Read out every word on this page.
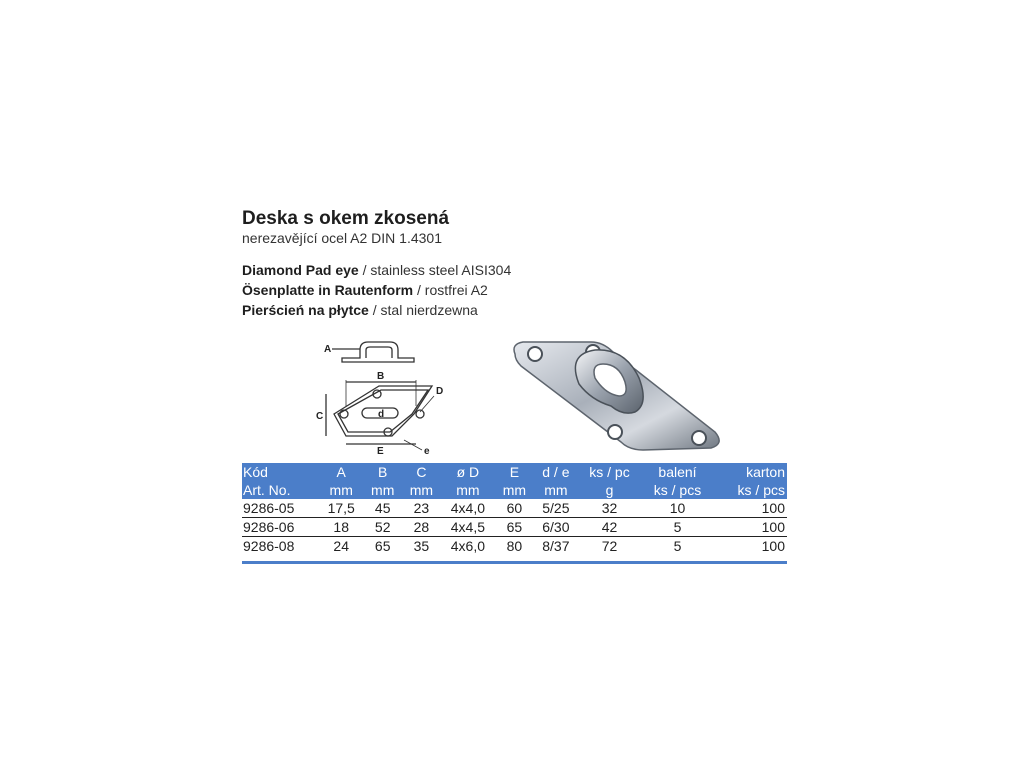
Deska s okem zkosená
nerezavějící ocel A2 DIN 1.4301
Diamond Pad eye / stainless steel AISI304
Ösenplatte in Rautenform / rostfrei A2
Pierścień na płytce / stal nierdzewna
A
B
C
D
d
E	e
Kód	A	B	C	ø D	E	d / e	ks / pc	balení	karton
Art. No.	mm	mm	mm	mm	mm	mm	g	ks / pcs	ks / pcs
9286-05	17,5	45	23	4x4,0	60	5/25	32	10	100
9286-06	18	52	28	4x4,5	65	6/30	42	5	100
9286-08	24	65	35	4x6,0	80	8/37	72	5	100
